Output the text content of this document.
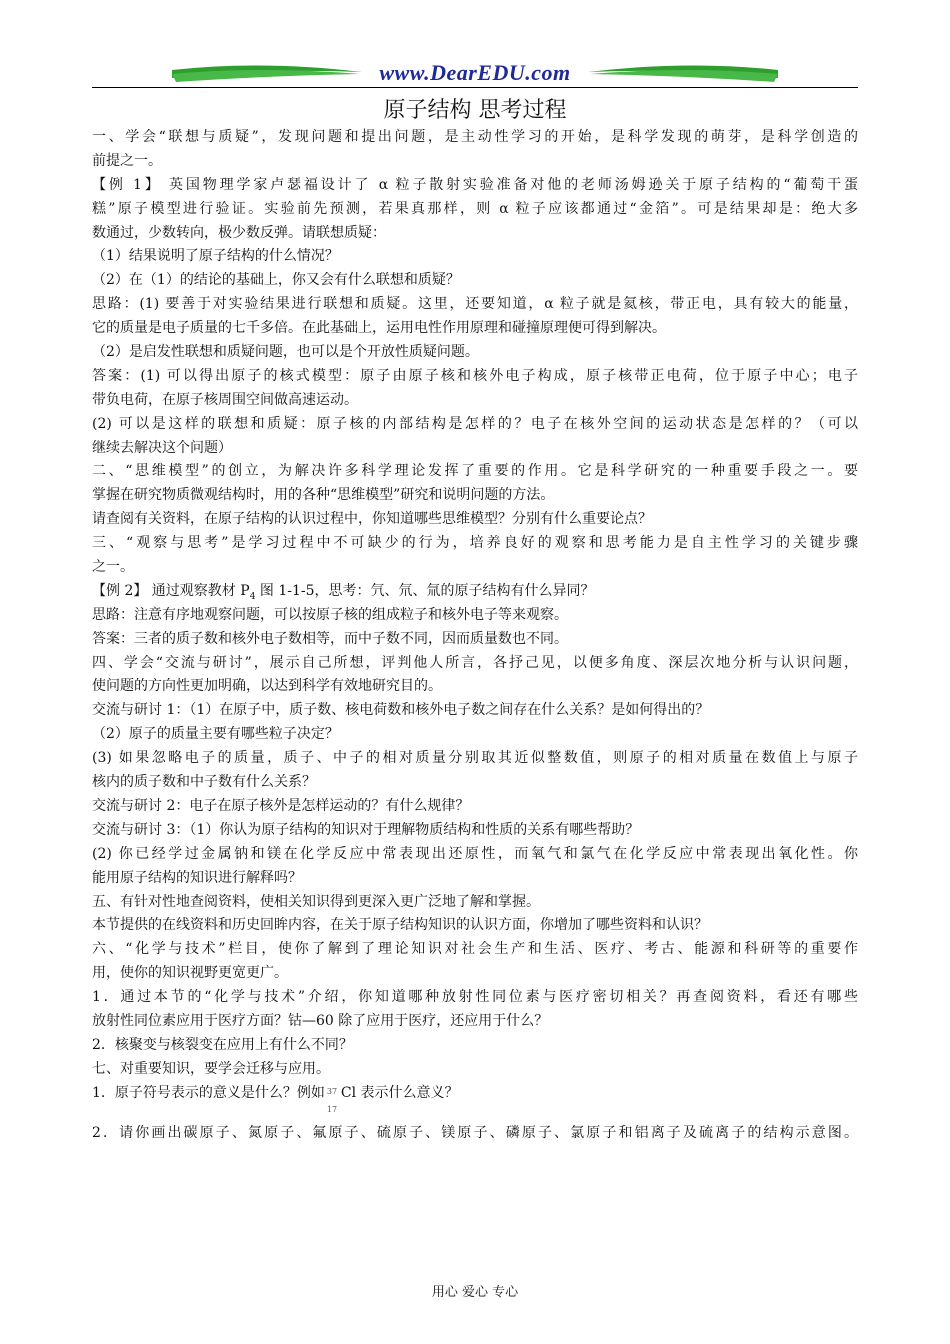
www.DearEDU.com
原子结构 思考过程
一、学会“联想与质疑”，发现问题和提出问题，是主动性学习的开始，是科学发现的萌芽，是科学创造的
前提之一。
【例 1】 英国物理学家卢瑟福设计了 α 粒子散射实验准备对他的老师汤姆逊关于原子结构的“葡萄干蛋
糕”原子模型进行验证。实验前先预测，若果真那样，则 α 粒子应该都通过“金箔”。可是结果却是：绝大多
数通过，少数转向，极少数反弹。请联想质疑：
（1）结果说明了原子结构的什么情况？
（2）在（1）的结论的基础上，你又会有什么联想和质疑？
思路：(1) 要善于对实验结果进行联想和质疑。这里，还要知道，α 粒子就是氦核，带正电，具有较大的能量，
它的质量是电子质量的七千多倍。在此基础上，运用电性作用原理和碰撞原理便可得到解决。
（2）是启发性联想和质疑问题，也可以是个开放性质疑问题。
答案：(1) 可以得出原子的核式模型：原子由原子核和核外电子构成，原子核带正电荷，位于原子中心；电子
带负电荷，在原子核周围空间做高速运动。
(2) 可以是这样的联想和质疑：原子核的内部结构是怎样的？电子在核外空间的运动状态是怎样的？（可以
继续去解决这个问题）
二、“思维模型”的创立，为解决许多科学理论发挥了重要的作用。它是科学研究的一种重要手段之一。要
掌握在研究物质微观结构时，用的各种“思维模型”研究和说明问题的方法。
请查阅有关资料，在原子结构的认识过程中，你知道哪些思维模型？分别有什么重要论点？
三、“观察与思考”是学习过程中不可缺少的行为，培养良好的观察和思考能力是自主性学习的关键步骤
之一。
【例 2】 通过观察教材 $P_4$ 图 1-1-5，思考：氕、氘、氚的原子结构有什么异同？
思路：注意有序地观察问题，可以按原子核的组成粒子和核外电子等来观察。
答案：三者的质子数和核外电子数相等，而中子数不同，因而质量数也不同。
四、学会“交流与研讨”，展示自己所想，评判他人所言，各抒己见，以便多角度、深层次地分析与认识问题，
使问题的方向性更加明确，以达到科学有效地研究目的。
交流与研讨 1：（1）在原子中，质子数、核电荷数和核外电子数之间存在什么关系？是如何得出的？
（2）原子的质量主要有哪些粒子决定？
(3) 如果忽略电子的质量，质子、中子的相对质量分别取其近似整数值，则原子的相对质量在数值上与原子
核内的质子数和中子数有什么关系？
交流与研讨 2：电子在原子核外是怎样运动的？有什么规律？
交流与研讨 3：（1）你认为原子结构的知识对于理解物质结构和性质的关系有哪些帮助？
(2) 你已经学过金属钠和镁在化学反应中常表现出还原性，而氧气和氯气在化学反应中常表现出氧化性。你
能用原子结构的知识进行解释吗？
五、有针对性地查阅资料，使相关知识得到更深入更广泛地了解和掌握。
本节提供的在线资料和历史回眸内容，在关于原子结构知识的认识方面，你增加了哪些资料和认识？
六、“化学与技术”栏目，使你了解到了理论知识对社会生产和生活、医疗、考古、能源和科研等的重要作
用，使你的知识视野更宽更广。
1．通过本节的“化学与技术”介绍，你知道哪种放射性同位素与医疗密切相关？再查阅资料，看还有哪些
放射性同位素应用于医疗方面？钴—60 除了应用于医疗，还应用于什么？
2．核聚变与核裂变在应用上有什么不同？
七、对重要知识，要学会迁移与应用。
1．原子符号表示的意义是什么？例如 37
17
Cl 表示什么意义？
2．请你画出碳原子、氮原子、氟原子、硫原子、镁原子、磷原子、氯原子和铝离子及硫离子的结构示意图。
用心 爱心 专心
